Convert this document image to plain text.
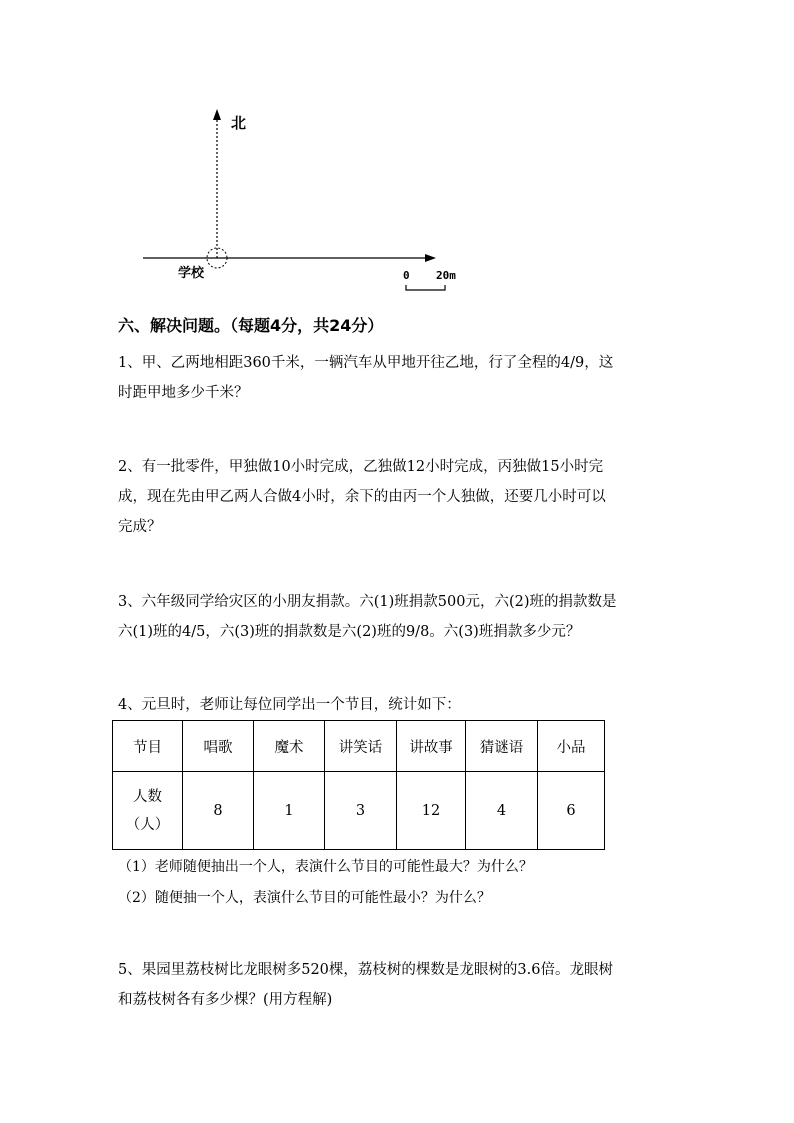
北
学校	0 20m
六、解决问题。（每题4分，共24分）
1、甲、乙两地相距360千米，一辆汽车从甲地开往乙地，行了全程的4/9，这
时距甲地多少千米？
2、有一批零件，甲独做10小时完成，乙独做12小时完成，丙独做15小时完
成，现在先由甲乙两人合做4小时，余下的由丙一个人独做，还要几小时可以
完成？
3、六年级同学给灾区的小朋友捐款。六(1)班捐款500元，六(2)班的捐款数是
六(1)班的4/5，六(3)班的捐款数是六(2)班的9/8。六(3)班捐款多少元？
4、元旦时，老师让每位同学出一个节目，统计如下：
节目	唱歌	魔术	讲笑话	讲故事	猜谜语	小品

人数
（人）	8	1	3	12	4	6
（1）老师随便抽出一个人，表演什么节目的可能性最大？为什么？
（2）随便抽一个人，表演什么节目的可能性最小？为什么？
5、果园里荔枝树比龙眼树多520棵，荔枝树的棵数是龙眼树的3.6倍。龙眼树
和荔枝树各有多少棵？(用方程解)
